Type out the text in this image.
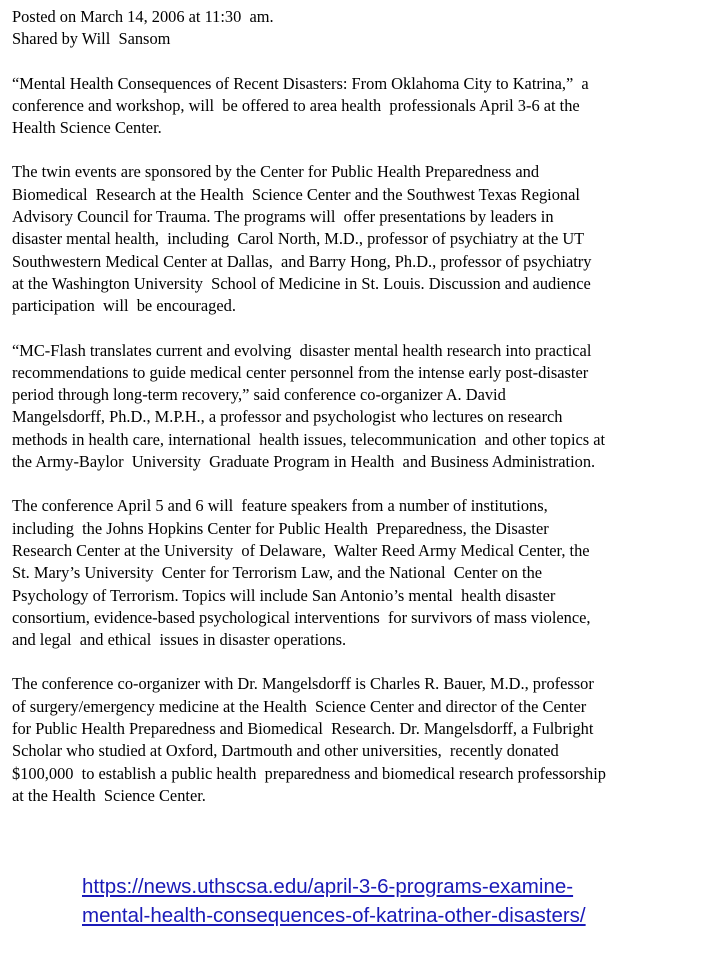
Posted on March 14, 2006 at 11:30  am.

Shared by Will  Sansom

“Mental Health Consequences of Recent Disasters: From Oklahoma City to Katrina,”  a
conference and workshop, will  be offered to area health  professionals April 3-6 at the
Health Science Center.
The twin events are sponsored by the Center for Public Health Preparedness and
Biomedical  Research at the Health  Science Center and the Southwest Texas Regional
Advisory Council for Trauma. The programs will  offer presentations by leaders in
disaster mental health,  including  Carol North, M.D., professor of psychiatry at the UT
Southwestern Medical Center at Dallas,  and Barry Hong, Ph.D., professor of psychiatry
at the Washington University  School of Medicine in St. Louis. Discussion and audience
participation  will  be encouraged.
“MC-Flash translates current and evolving  disaster mental health research into practical
recommendations to guide medical center personnel from the intense early post-disaster
period through long-term recovery,” said conference co-organizer A. David
Mangelsdorff, Ph.D., M.P.H., a professor and psychologist who lectures on research
methods in health care, international  health issues, telecommunication  and other topics at
the Army-Baylor  University  Graduate Program in Health  and Business Administration.
The conference April 5 and 6 will  feature speakers from a number of institutions,
including  the Johns Hopkins Center for Public Health  Preparedness, the Disaster
Research Center at the University  of Delaware,  Walter Reed Army Medical Center, the
St. Mary’s University  Center for Terrorism Law, and the National  Center on the
Psychology of Terrorism. Topics will include San Antonio’s mental  health disaster
consortium, evidence-based psychological interventions  for survivors of mass violence,
and legal  and ethical  issues in disaster operations.
The conference co-organizer with Dr. Mangelsdorff is Charles R. Bauer, M.D., professor
of surgery/emergency medicine at the Health  Science Center and director of the Center
for Public Health Preparedness and Biomedical  Research. Dr. Mangelsdorff, a Fulbright
Scholar who studied at Oxford, Dartmouth and other universities,  recently donated
$100,000  to establish a public health  preparedness and biomedical research professorship
at the Health  Science Center.
https://news.uthscsa.edu/april-3-6-programs-examine-
mental-health-consequences-of-katrina-other-disasters/
